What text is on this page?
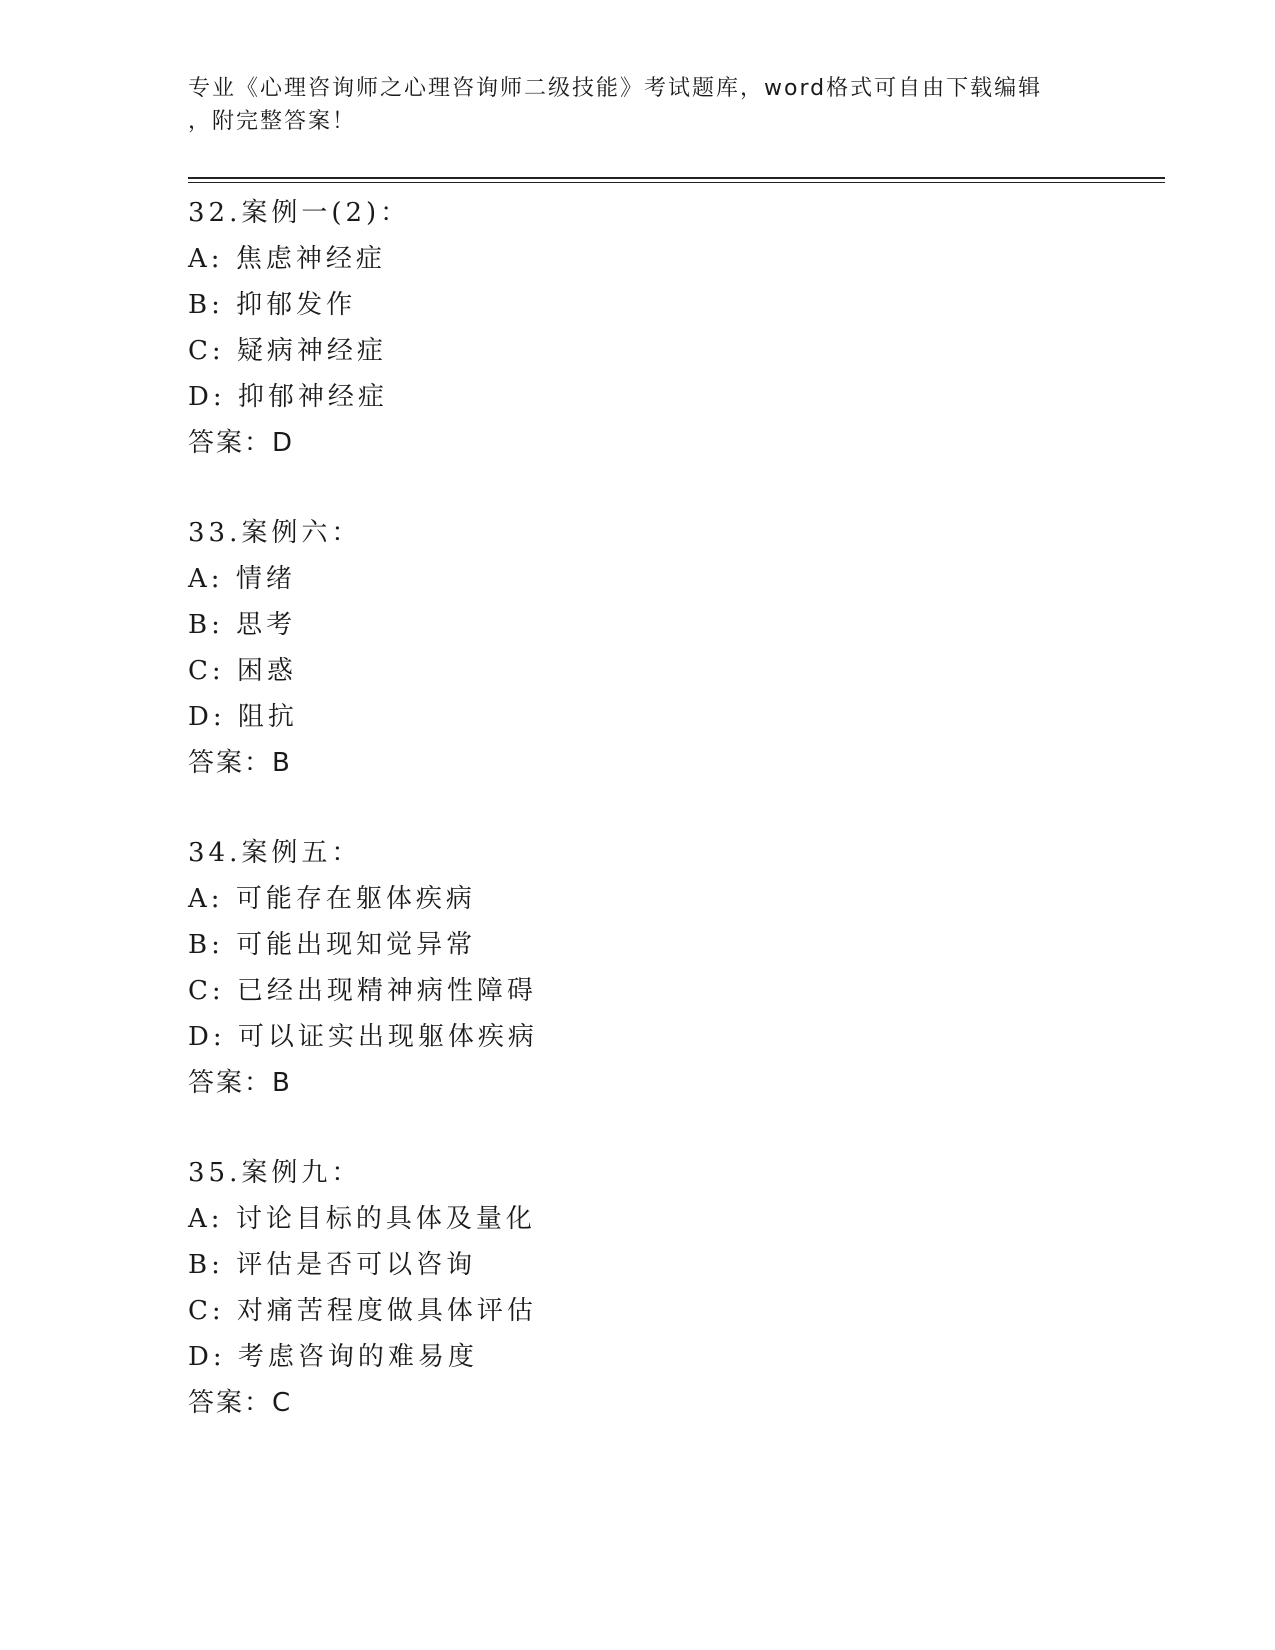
专业《心理咨询师之心理咨询师二级技能》考试题库，word格式可自由下载编辑
，附完整答案！
32.案例一(2)：
A: 焦虑神经症
B: 抑郁发作
C: 疑病神经症
D: 抑郁神经症
答案：D
33.案例六：
A: 情绪
B: 思考
C: 困惑
D: 阻抗
答案：B
34.案例五：
A: 可能存在躯体疾病
B: 可能出现知觉异常
C: 已经出现精神病性障碍
D: 可以证实出现躯体疾病
答案：B
35.案例九：
A: 讨论目标的具体及量化
B: 评估是否可以咨询
C: 对痛苦程度做具体评估
D: 考虑咨询的难易度
答案：C
